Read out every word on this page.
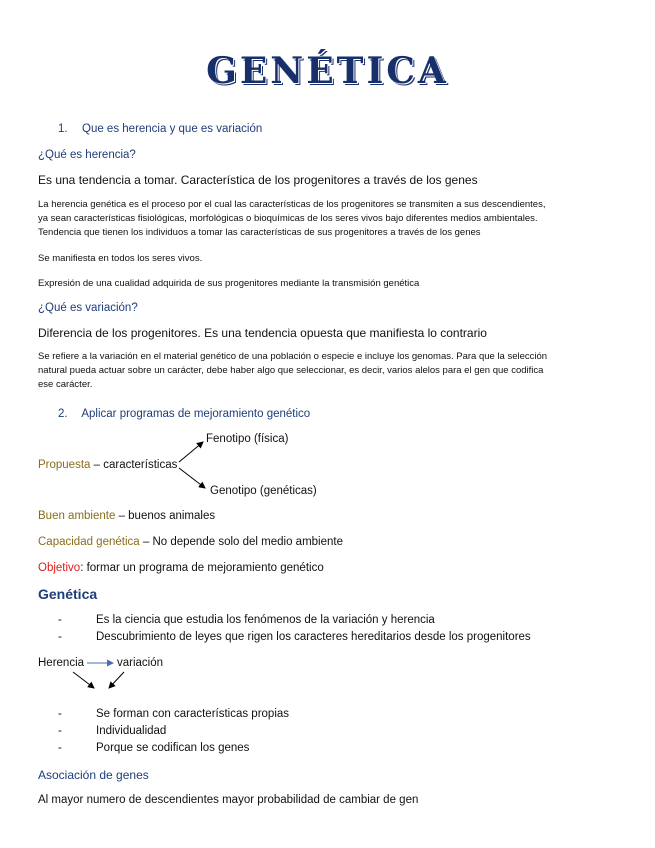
GENÉTICA
1. Que es herencia y que es variación
¿Qué es herencia?
Es una tendencia a tomar. Característica de los progenitores a través de los genes
La herencia genética es el proceso por el cual las características de los progenitores se transmiten a sus descendientes,
ya sean características fisiológicas, morfológicas o bioquímicas de los seres vivos bajo diferentes medios ambientales.
Tendencia que tienen los individuos a tomar las características de sus progenitores a través de los genes
Se manifiesta en todos los seres vivos.
Expresión de una cualidad adquirida de sus progenitores mediante la transmisión genética
¿Qué es variación?
Diferencia de los progenitores. Es una tendencia opuesta que manifiesta lo contrario
Se refiere a la variación en el material genético de una población o especie e incluye los genomas. Para que la selección
natural pueda actuar sobre un carácter, debe haber algo que seleccionar, es decir, varios alelos para el gen que codifica
ese carácter.
2. Aplicar programas de mejoramiento genético
Fenotipo (física)
Propuesta – características
Genotipo (genéticas)
Buen ambiente – buenos animales
Capacidad genética – No depende solo del medio ambiente
Objetivo: formar un programa de mejoramiento genético
Genética
-	Es la ciencia que estudia los fenómenos de la variación y herencia
-	Descubrimiento de leyes que rigen los caracteres hereditarios desde los progenitores
Herencia	variación
-	Se forman con características propias
-	Individualidad
-	Porque se codifican los genes
Asociación de genes
Al mayor numero de descendientes mayor probabilidad de cambiar de gen
